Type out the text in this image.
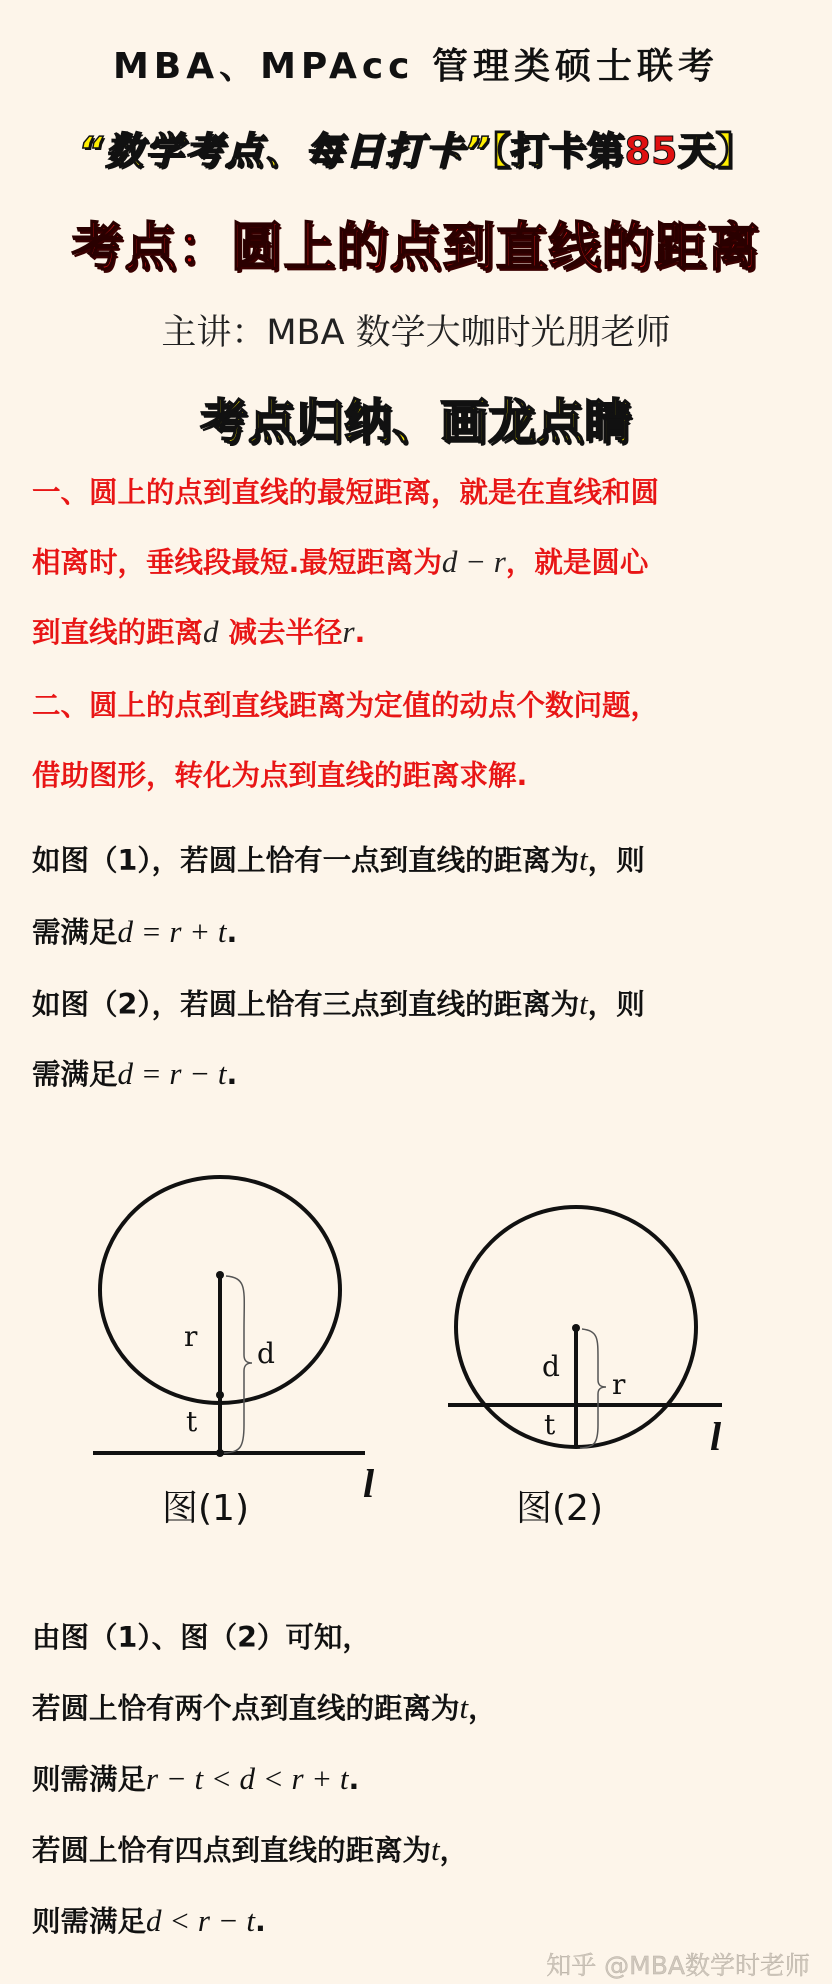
MBA、MPAcc 管理类硕士联考
“数学考点、每日打卡”【打卡第85天】
考点：圆上的点到直线的距离
主讲：MBA 数学大咖时光朋老师
考点归纳、画龙点睛
一、圆上的点到直线的最短距离，就是在直线和圆
相离时，垂线段最短.最短距离为d − r，就是圆心
到直线的距离d 减去半径r.
二、圆上的点到直线距离为定值的动点个数问题，
借助图形，转化为点到直线的距离求解.
如图（1），若圆上恰有一点到直线的距离为t，则
需满足d = r + t.
如图（2），若圆上恰有三点到直线的距离为t，则
需满足d = r − t.
r
t
d
l
图(1)
d
t
r
l
图(2)
由图（1）、图（2）可知，
若圆上恰有两个点到直线的距离为t，
则需满足r − t < d < r + t.
若圆上恰有四点到直线的距离为t，
则需满足d < r − t.
知乎 @MBA数学时老师
